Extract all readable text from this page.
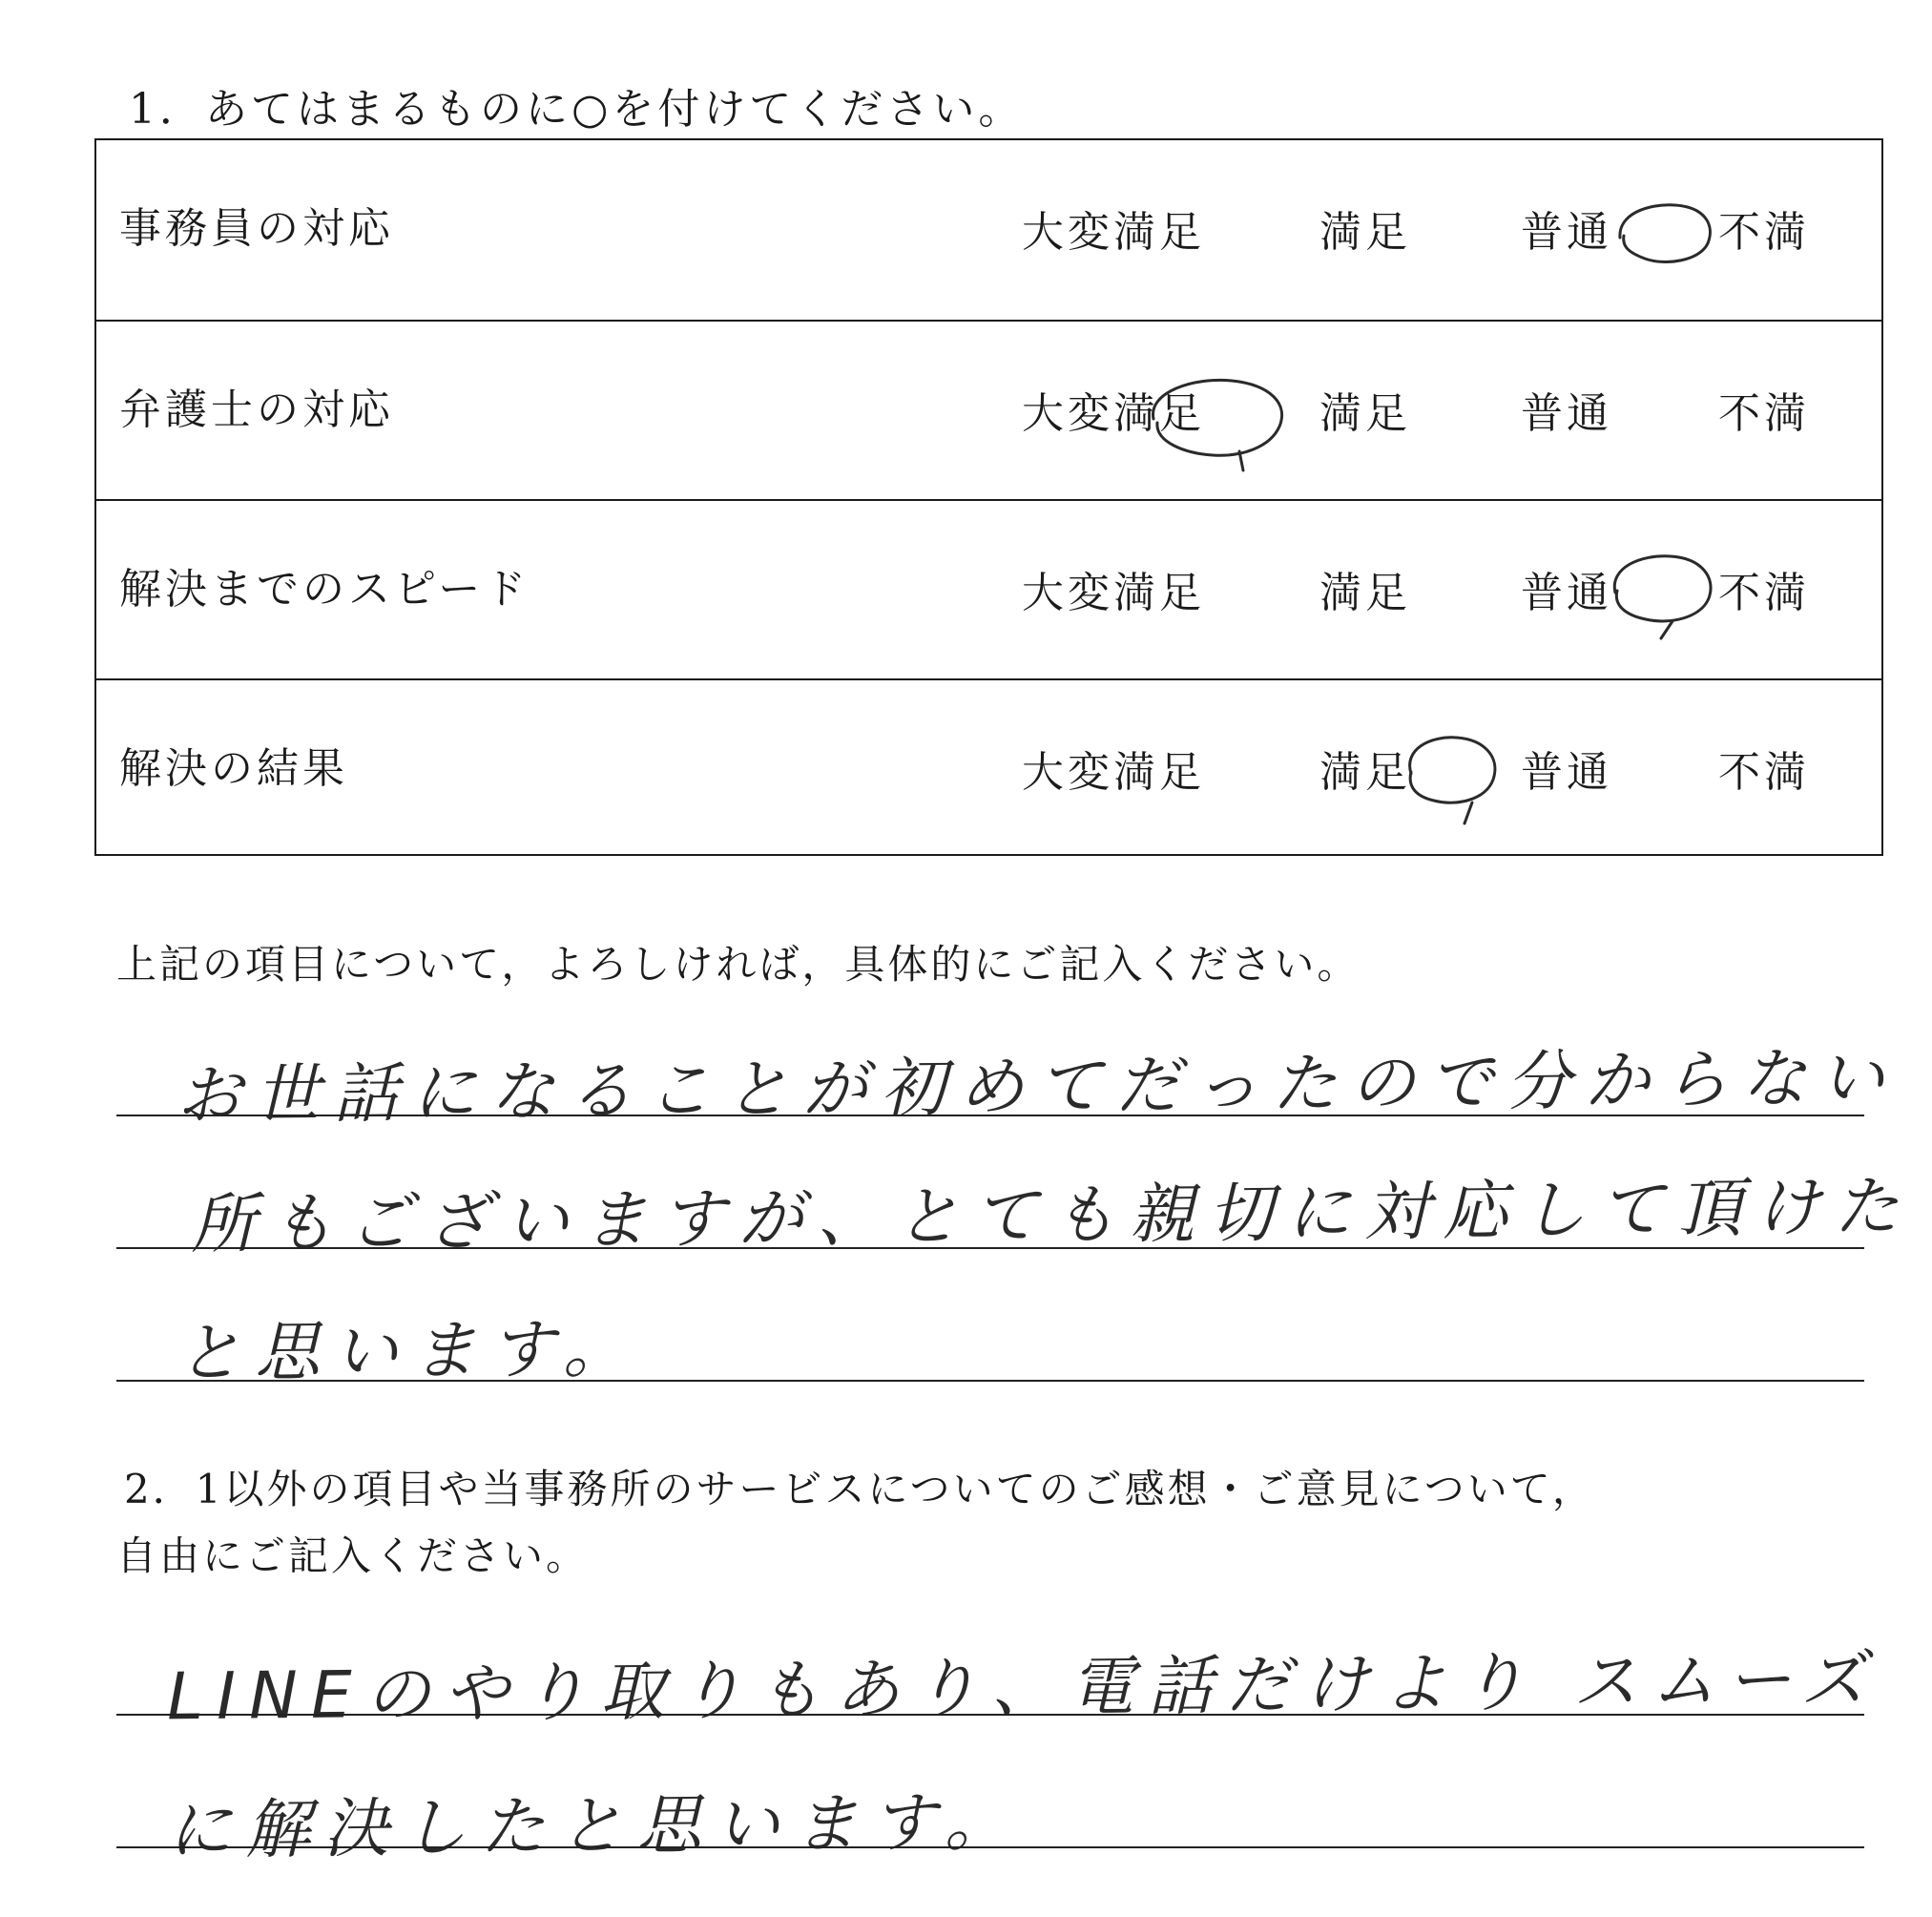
1．あてはまるものに○を付けてください。
事務員の対応	大変満足	満足	普通	不満
弁護士の対応	大変満足	満足	普通	不満
解決までのスピード	大変満足	満足	普通	不満
解決の結果	大変満足	満足	普通	不満
上記の項目について，よろしければ，具体的にご記入ください。
お世話になることが初めてだったので分からない
所もございますが、とても親切に対応して頂けた
と思います。
2．1以外の項目や当事務所のサービスについてのご感想・ご意見について，
自由にご記入ください。
LINEのやり取りもあり、電話だけより スムーズ
に解決したと思います。
